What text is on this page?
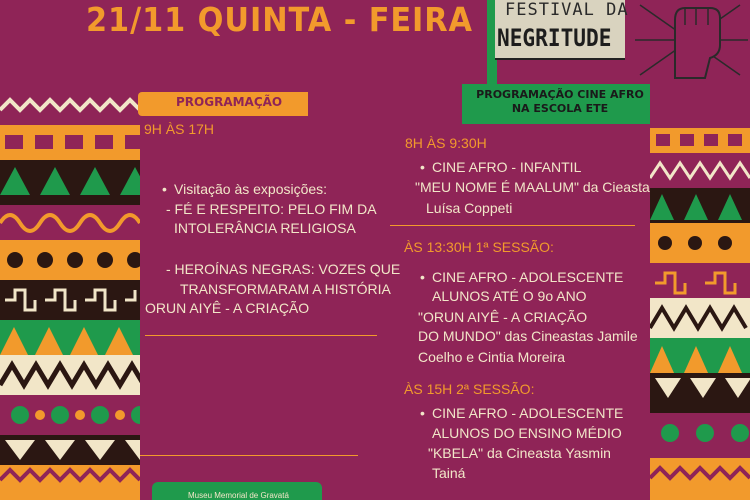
21/11 QUINTA - FEIRA FESTIVAL DA
NEGRITUDE
PROGRAMAÇÃO
PROGRAMAÇÃO CINE AFRO
NA ESCOLA ETE
9H ÀS 17H
• Visitação às exposições:
- FÉ E RESPEITO: PELO FIM DA
INTOLERÂNCIA RELIGIOSA
- HEROÍNAS NEGRAS: VOZES QUE
TRANSFORMARAM A HISTÓRIA
ORUN AIYÊ - A CRIAÇÃO
8H ÀS 9:30H
• CINE AFRO - INFANTIL
"MEU NOME É MAALUM" da Cieasta
Luísa Coppeti
ÀS 13:30H 1ª SESSÃO:
• CINE AFRO - ADOLESCENTE
ALUNOS ATÉ O 9o ANO
"ORUN AIYÊ - A CRIAÇÃO
DO MUNDO" das Cineastas Jamile
Coelho e Cintia Moreira
ÀS 15H 2ª SESSÃO:
• CINE AFRO - ADOLESCENTE
ALUNOS DO ENSINO MÉDIO
"KBELA" da Cineasta Yasmin
Tainá
Museu Memorial de Gravatá
